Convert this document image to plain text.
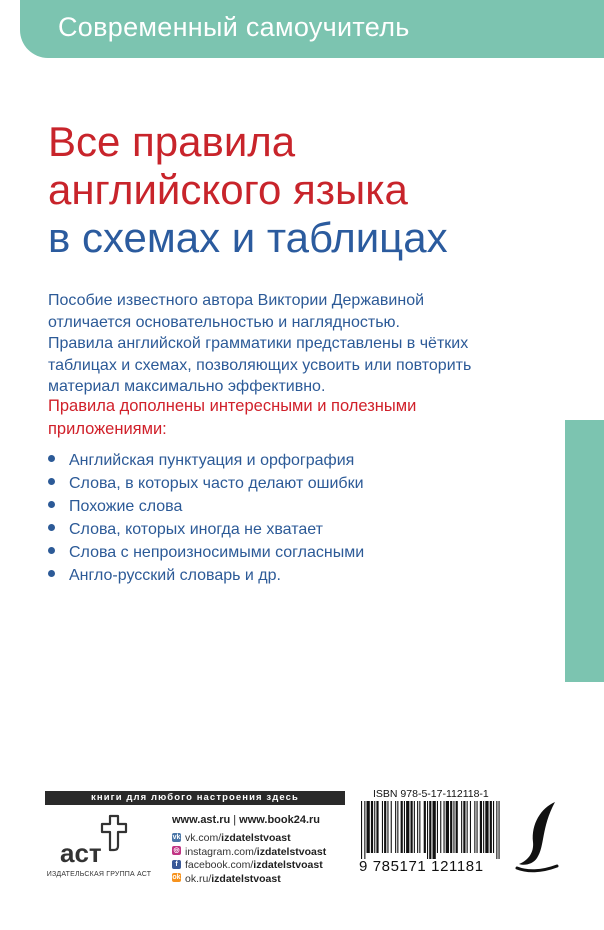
Современный самоучитель
Все правила
английского языка
в схемах и таблицах

Пособие известного автора Виктории Державиной
отличается основательностью и наглядностью.
Правила английской грамматики представлены в чётких
таблицах и схемах, позволяющих усвоить или повторить
материал максимально эффективно.

Правила дополнены интересными и полезными
приложениями:

Английская пунктуация и орфография
Слова, в которых часто делают ошибки
Похожие слова
Слова, которых иногда не хватает
Слова с непроизносимыми согласными
Англо-русский словарь и др.
книги для любого настроения здесь
аст
ИЗДАТЕЛЬСКАЯ ГРУППА АСТ
www.ast.ru | www.book24.ru
vk vk.com/izdatelstvoast
◎ instagram.com/izdatelstvoast
f facebook.com/izdatelstvoast
ok ok.ru/izdatelstvoast
ISBN 978-5-17-112118-1
9 785171 121181
